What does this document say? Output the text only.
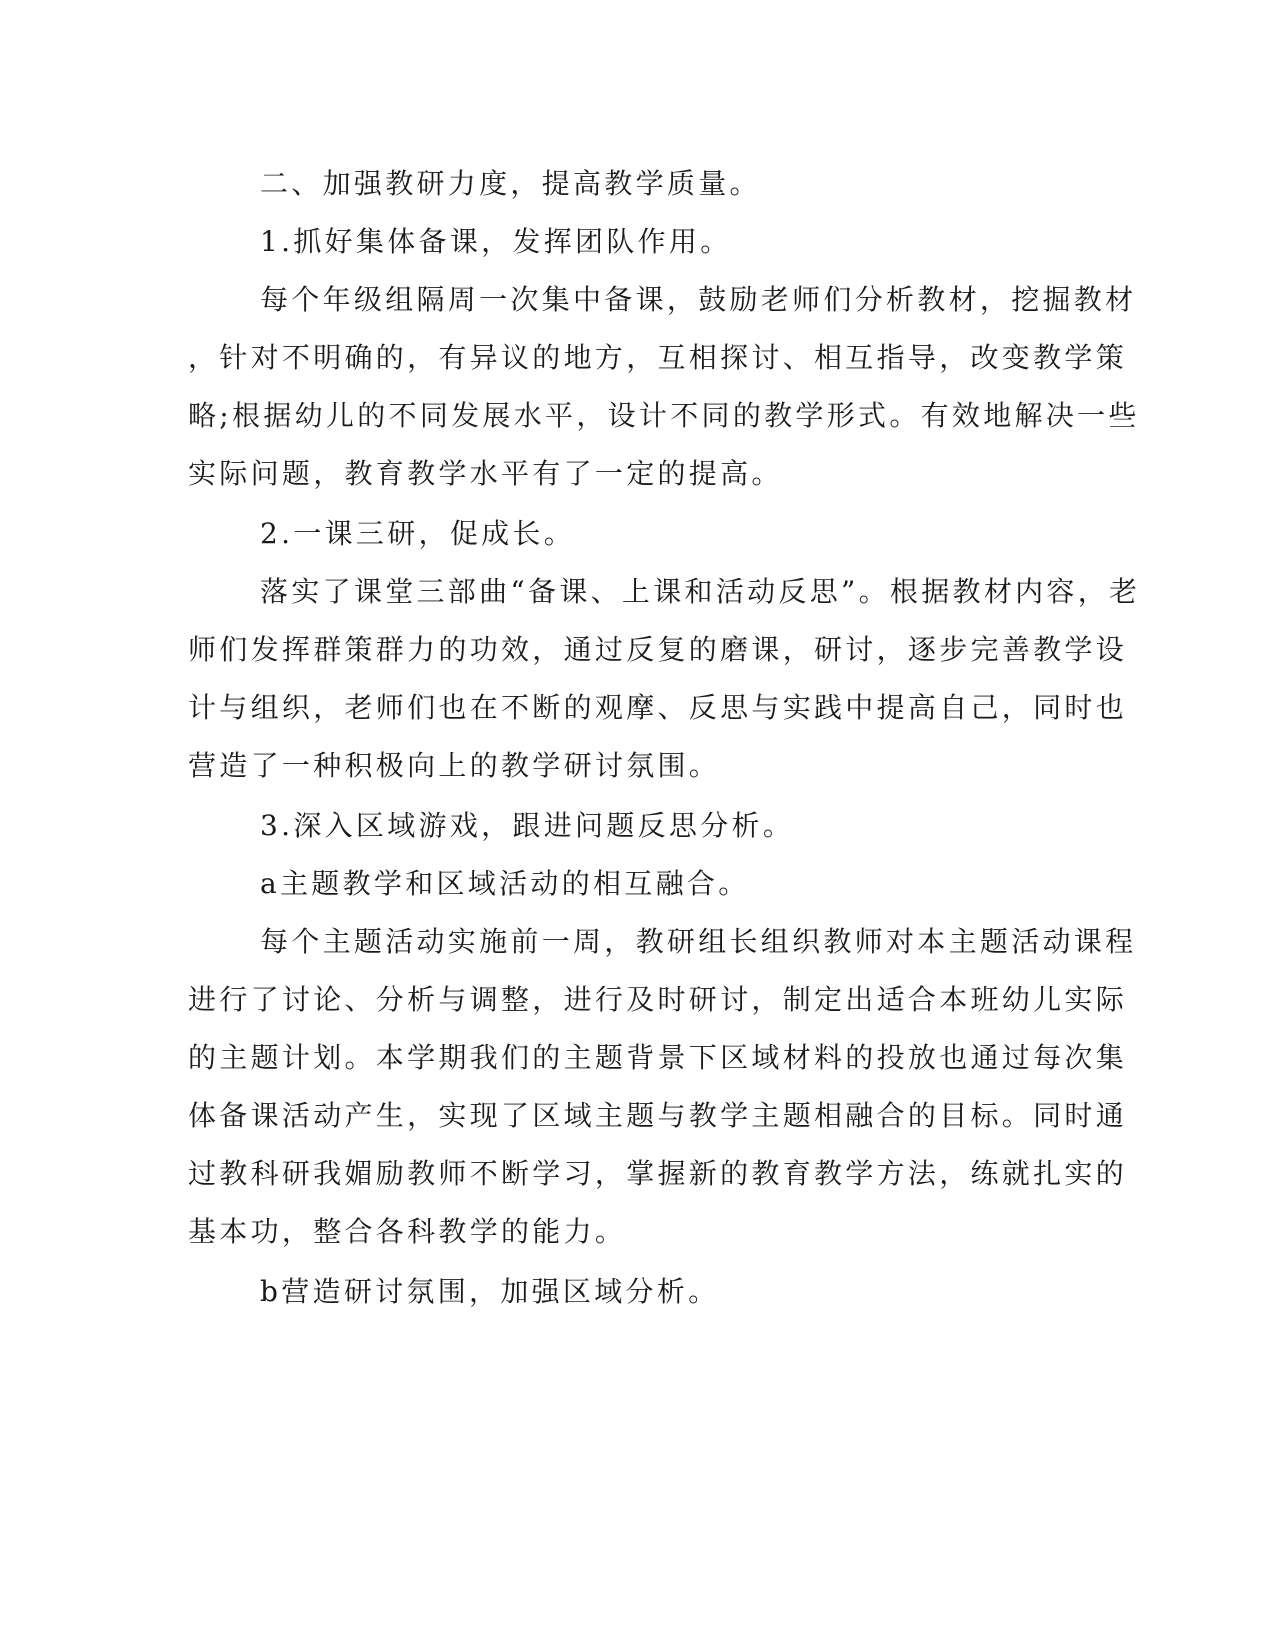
二、加强教研力度，提高教学质量。
1.抓好集体备课，发挥团队作用。
每个年级组隔周一次集中备课，鼓励老师们分析教材，挖掘教材
，针对不明确的，有异议的地方，互相探讨、相互指导，改变教学策
略;根据幼儿的不同发展水平，设计不同的教学形式。有效地解决一些
实际问题，教育教学水平有了一定的提高。
2.一课三研，促成长。
落实了课堂三部曲“备课、上课和活动反思”。根据教材内容，老
师们发挥群策群力的功效，通过反复的磨课，研讨，逐步完善教学设
计与组织，老师们也在不断的观摩、反思与实践中提高自己，同时也
营造了一种积极向上的教学研讨氛围。
3.深入区域游戏，跟进问题反思分析。
a主题教学和区域活动的相互融合。
每个主题活动实施前一周，教研组长组织教师对本主题活动课程
进行了讨论、分析与调整，进行及时研讨，制定出适合本班幼儿实际
的主题计划。本学期我们的主题背景下区域材料的投放也通过每次集
体备课活动产生，实现了区域主题与教学主题相融合的目标。同时通
过教科研我媚励教师不断学习，掌握新的教育教学方法，练就扎实的
基本功，整合各科教学的能力。
b营造研讨氛围，加强区域分析。
